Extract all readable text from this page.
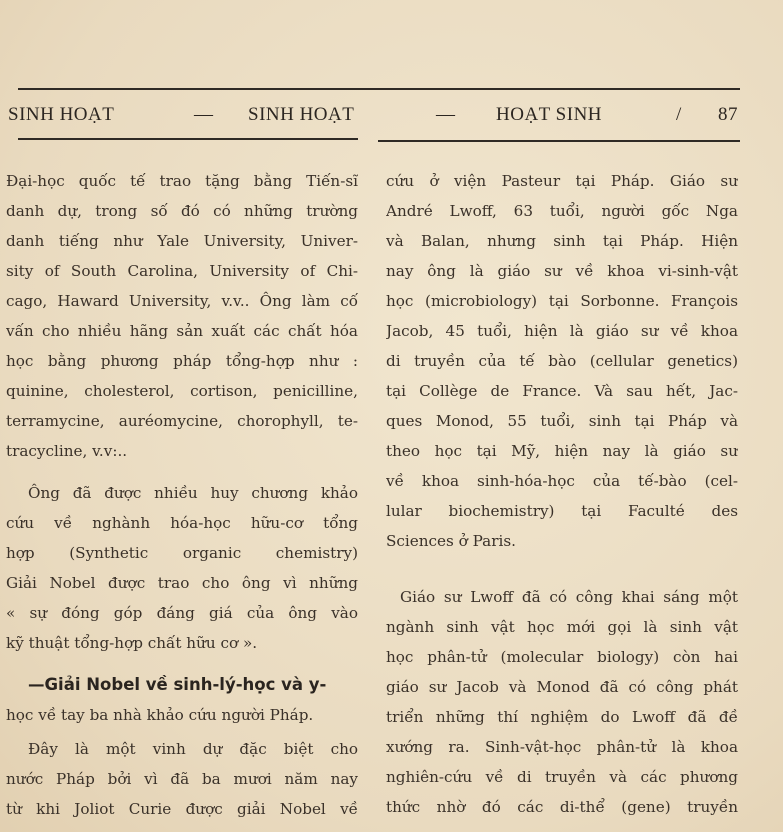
SINH HOẠT	— SINH HOẠT	— HOẠT SINH	/ 87
Đại-học quốc tế trao tặng bằng Tiến-sĩ
danh dự, trong số đó có những trường
danh tiếng như Yale University, Univer-
sity of South Carolina, University of Chi-
cago, Haward University, v.v.. Ông làm cố
vấn cho nhiều hãng sản xuất các chất hóa
học bằng phương pháp tổng-hợp như :
quinine, cholesterol, cortison, penicilline,
terramycine, auréomycine, chorophyll, te-
tracycline, v.v:..
Ông đã được nhiều huy chương khảo
cứu về nghành hóa-học hữu-cơ tổng
hợp (Synthetic organic chemistry)
Giải Nobel được trao cho ông vì những
« sự đóng góp đáng giá của ông vào
kỹ thuật tổng-hợp chất hữu cơ ».
—Giải Nobel về sinh-lý-học và y-
học về tay ba nhà khảo cứu người Pháp.
Đây là một vinh dự đặc biệt cho
nước Pháp bởi vì đã ba mươi năm nay
từ khi Joliot Curie được giải Nobel về
cứu ở viện Pasteur tại Pháp. Giáo sư
André Lwoff, 63 tuổi, người gốc Nga
và Balan, nhưng sinh tại Pháp. Hiện
nay ông là giáo sư về khoa vi-sinh-vật
học (microbiology) tại Sorbonne. François
Jacob, 45 tuổi, hiện là giáo sư về khoa
di truyền của tế bào (cellular genetics)
tại Collège de France. Và sau hết, Jac-
ques Monod, 55 tuổi, sinh tại Pháp và
theo học tại Mỹ, hiện nay là giáo sư
về khoa sinh-hóa-học của tế-bào (cel-
lular biochemistry) tại Faculté des
Sciences ở Paris.
Giáo sư Lwoff đã có công khai sáng một
ngành sinh vật học mới gọi là sinh vật
học phân-tử (molecular biology) còn hai
giáo sư Jacob và Monod đã có công phát
triển những thí nghiệm do Lwoff đã đề
xướng ra. Sinh-vật-học phân-tử là khoa
nghiên-cứu về di truyền và các phương
thức nhờ đó các di-thể (gene) truyền
